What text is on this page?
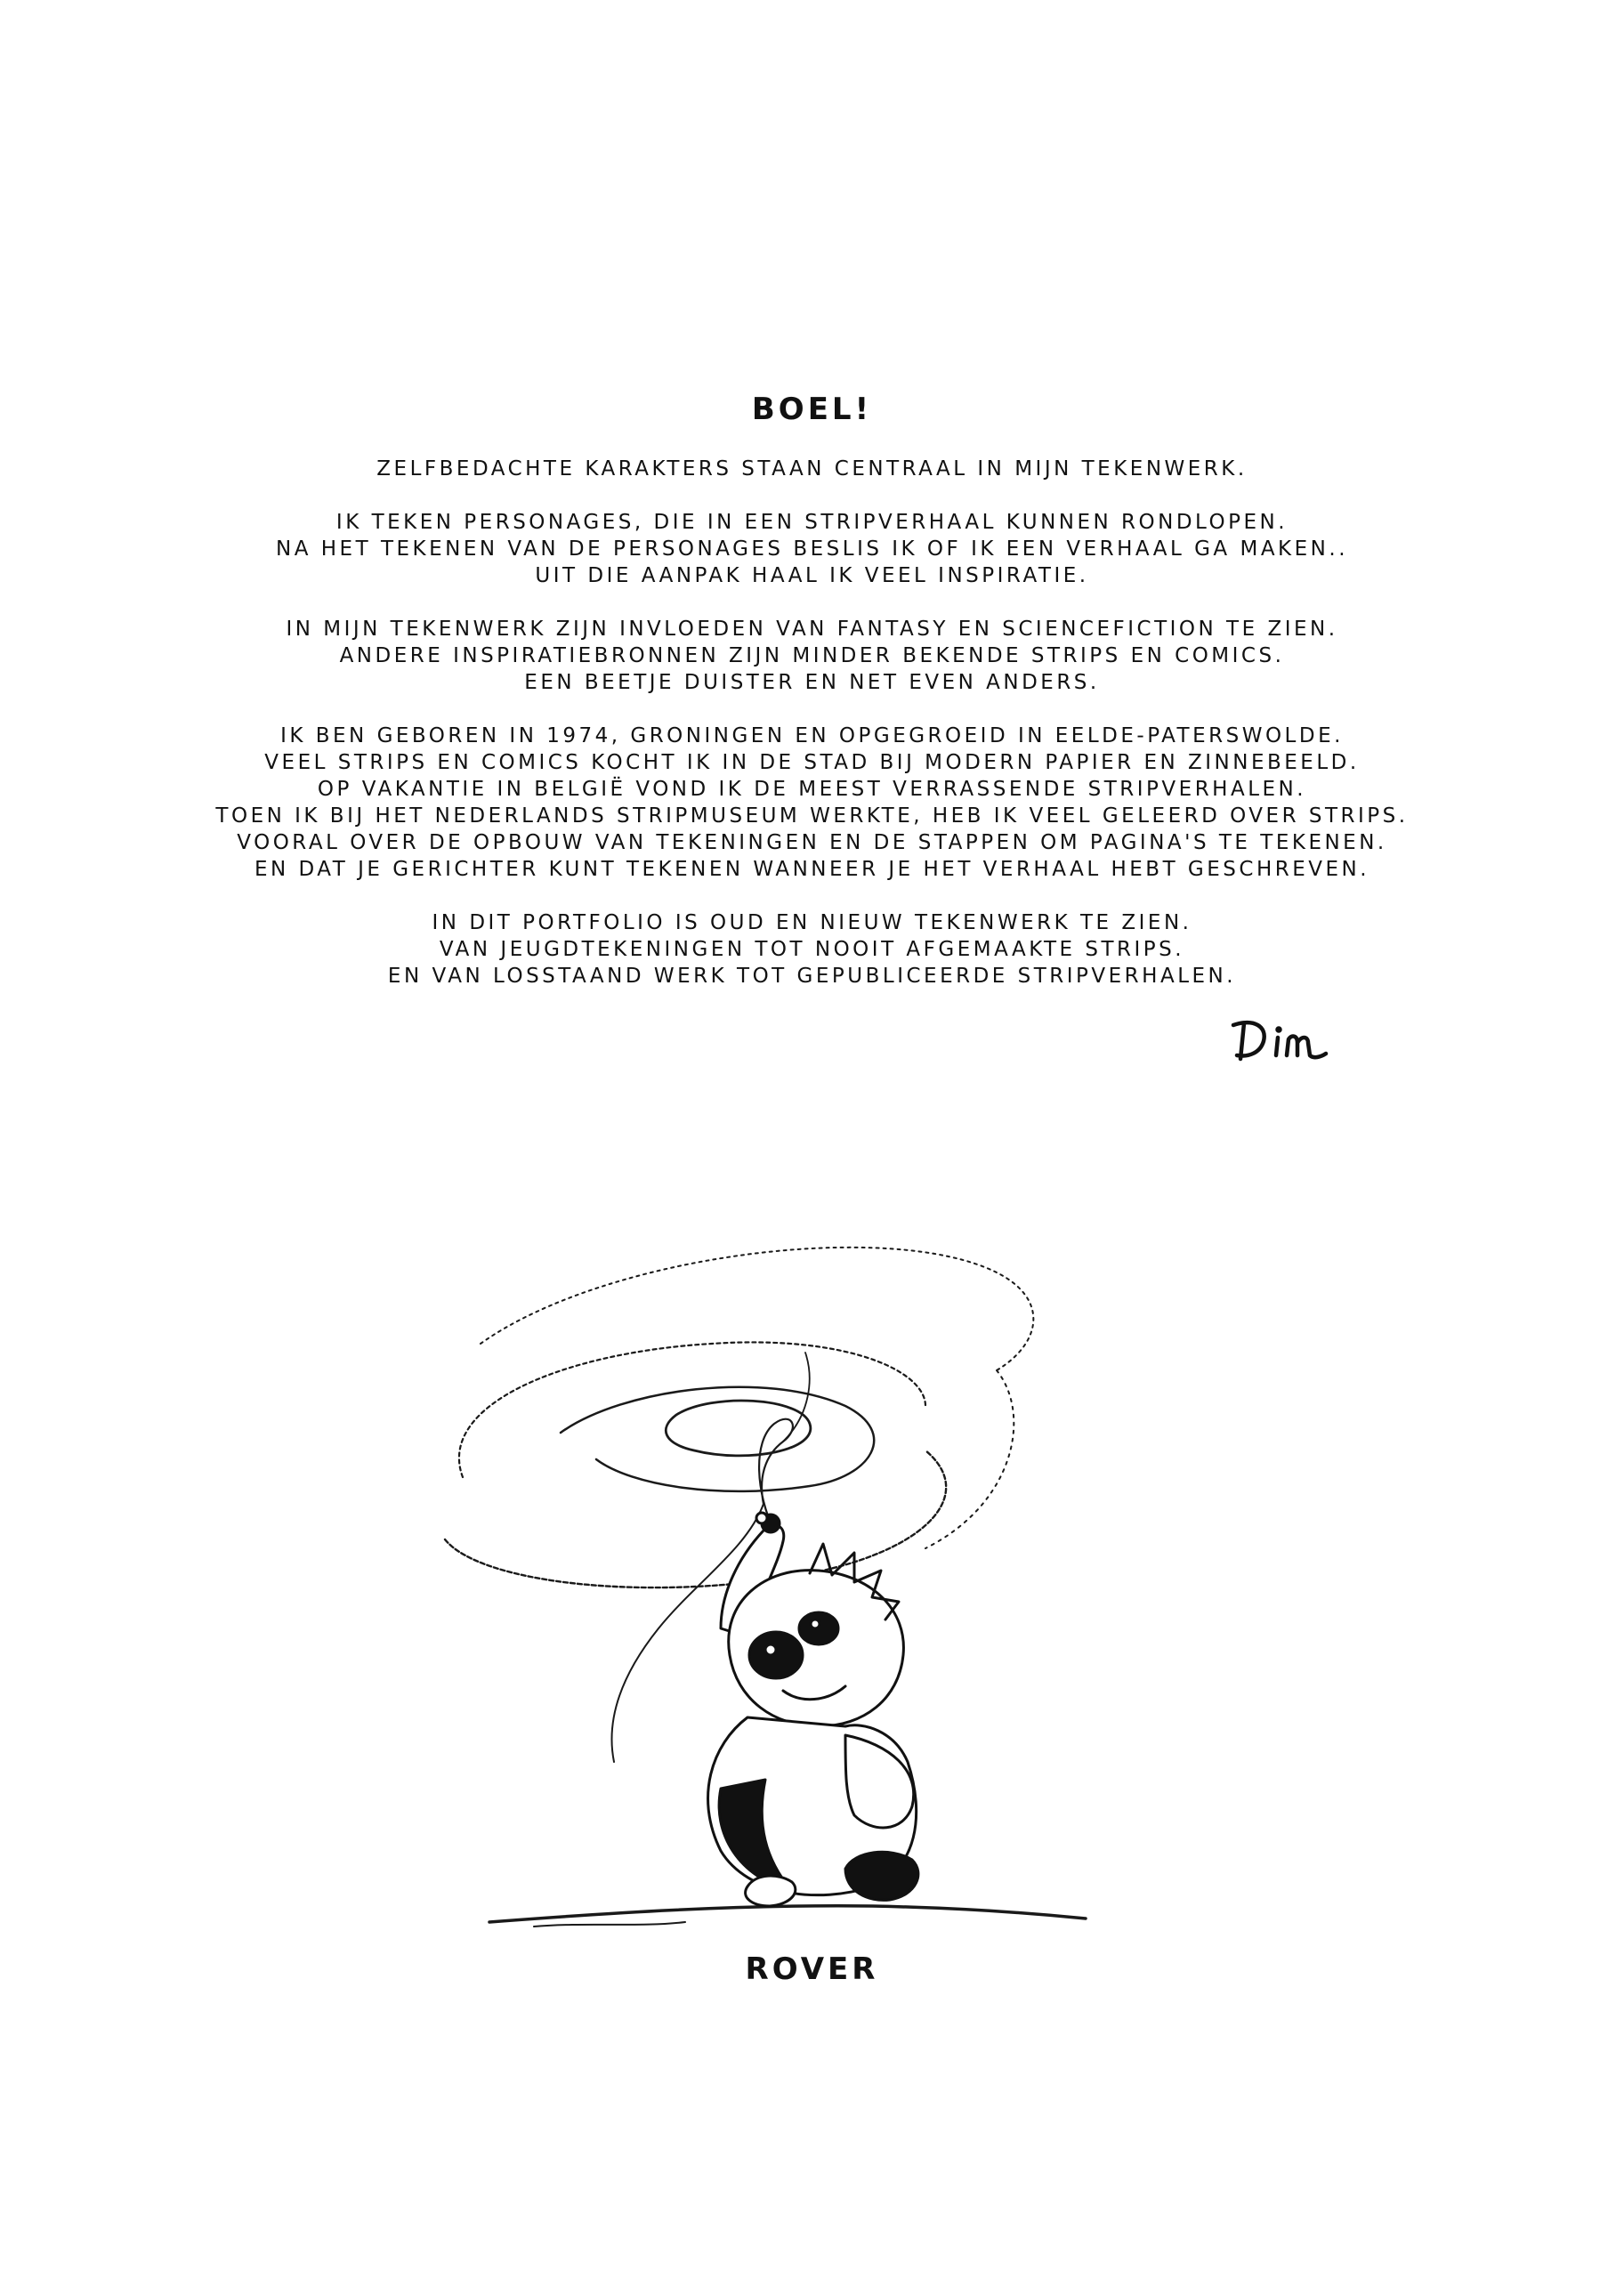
BOEL!

ZELFBEDACHTE KARAKTERS STAAN CENTRAAL IN MIJN TEKENWERK.

IK TEKEN PERSONAGES, DIE IN EEN STRIPVERHAAL KUNNEN RONDLOPEN.
NA HET TEKENEN VAN DE PERSONAGES BESLIS IK OF IK EEN VERHAAL GA MAKEN..
UIT DIE AANPAK HAAL IK VEEL INSPIRATIE.

IN MIJN TEKENWERK ZIJN INVLOEDEN VAN FANTASY EN SCIENCEFICTION TE ZIEN.
ANDERE INSPIRATIEBRONNEN ZIJN MINDER BEKENDE STRIPS EN COMICS.
EEN BEETJE DUISTER EN NET EVEN ANDERS.

IK BEN GEBOREN IN 1974, GRONINGEN EN OPGEGROEID IN EELDE-PATERSWOLDE.
VEEL STRIPS EN COMICS KOCHT IK IN DE STAD BIJ MODERN PAPIER EN ZINNEBEELD.
OP VAKANTIE IN BELGIË VOND IK DE MEEST VERRASSENDE STRIPVERHALEN.
TOEN IK BIJ HET NEDERLANDS STRIPMUSEUM WERKTE, HEB IK VEEL GELEERD OVER STRIPS.
VOORAL OVER DE OPBOUW VAN TEKENINGEN EN DE STAPPEN OM PAGINA'S TE TEKENEN.
EN DAT JE GERICHTER KUNT TEKENEN WANNEER JE HET VERHAAL HEBT GESCHREVEN.

IN DIT PORTFOLIO IS OUD EN NIEUW TEKENWERK TE ZIEN.
VAN JEUGDTEKENINGEN TOT NOOIT AFGEMAAKTE STRIPS.
EN VAN LOSSTAAND WERK TOT GEPUBLICEERDE STRIPVERHALEN.

ROVER
